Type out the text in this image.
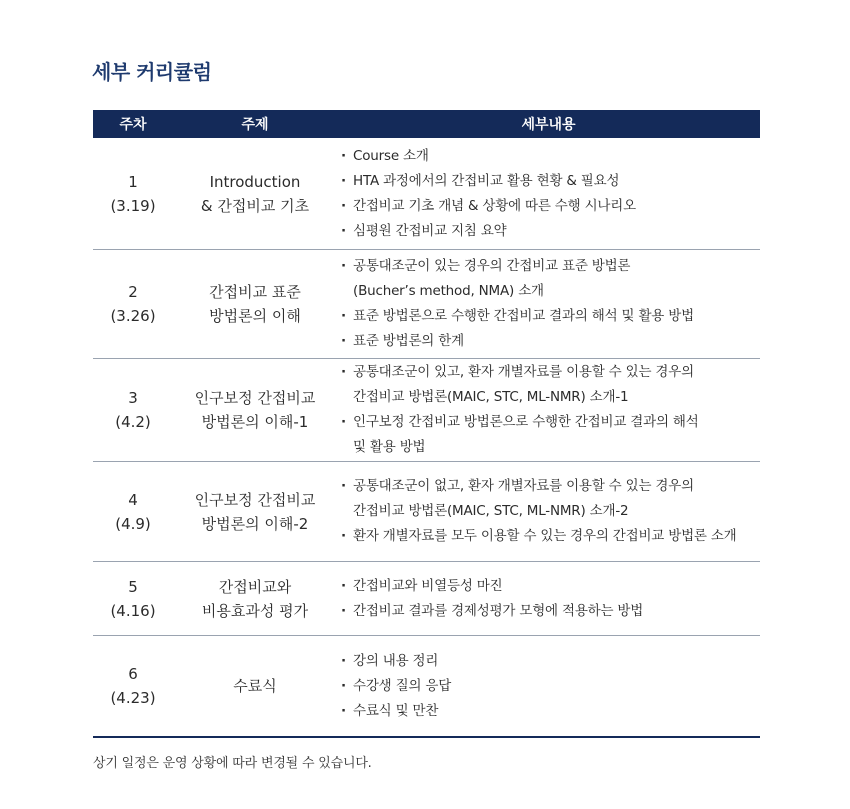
세부 커리큘럼
주차	주제	세부내용
1
(3.19)
Introduction
& 간접비교 기초
· Course 소개
· HTA 과정에서의 간접비교 활용 현황 & 필요성
· 간접비교 기초 개념 & 상황에 따른 수행 시나리오
· 심평원 간접비교 지침 요약
2
(3.26)
간접비교 표준
방법론의 이해
· 공통대조군이 있는 경우의 간접비교 표준 방법론
(Bucher’s method, NMA) 소개
· 표준 방법론으로 수행한 간접비교 결과의 해석 및 활용 방법
· 표준 방법론의 한계
3
(4.2)
인구보정 간접비교
방법론의 이해-1
· 공통대조군이 있고, 환자 개별자료를 이용할 수 있는 경우의
간접비교 방법론(MAIC, STC, ML-NMR) 소개-1
· 인구보정 간접비교 방법론으로 수행한 간접비교 결과의 해석
및 활용 방법
4
(4.9)
인구보정 간접비교
방법론의 이해-2
· 공통대조군이 없고, 환자 개별자료를 이용할 수 있는 경우의
간접비교 방법론(MAIC, STC, ML-NMR) 소개-2
· 환자 개별자료를 모두 이용할 수 있는 경우의 간접비교 방법론 소개
5
(4.16)
간접비교와
비용효과성 평가
· 간접비교와 비열등성 마진
· 간접비교 결과를 경제성평가 모형에 적용하는 방법
6
(4.23)
수료식
· 강의 내용 정리
· 수강생 질의 응답
· 수료식 및 만찬
상기 일정은 운영 상황에 따라 변경될 수 있습니다.
